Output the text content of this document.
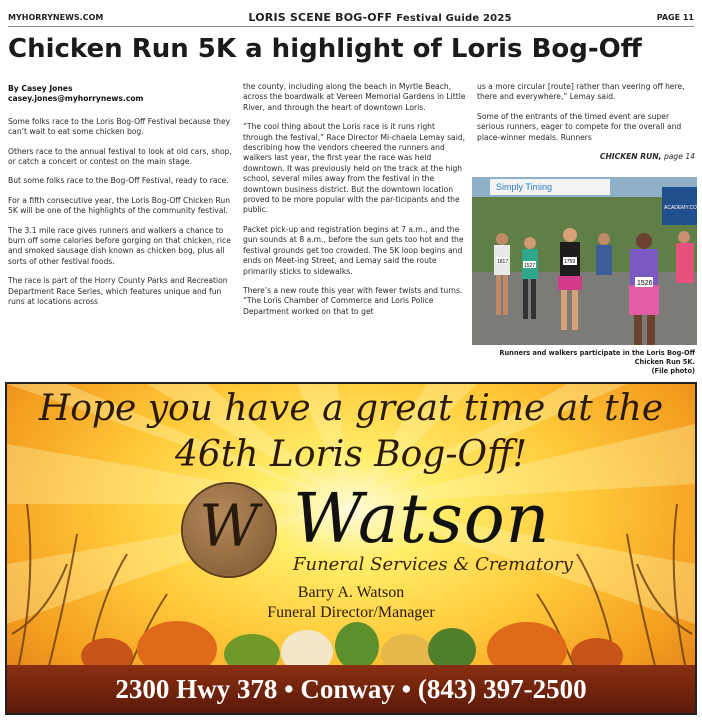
MYHORRYNEWS.COM	LORIS SCENE BOG-OFF Festival Guide 2025	PAGE 11
Chicken Run 5K a highlight of Loris Bog-Off
By Casey Jones
casey.jones@myhorrynews.com

Some folks race to the Loris Bog-Off Festival because they can’t wait to eat some chicken bog.

Others race to the annual festival to look at old cars, shop, or catch a concert or contest on the main stage.

But some folks race to the Bog-Off Festival, ready to race.

For a fifth consecutive year, the Loris Bog-Off Chicken Run 5K will be one of the highlights of the community festival.

The 3.1 mile race gives runners and walkers a chance to burn off some calories before gorging on that chicken, rice and smoked sausage dish known as chicken bog, plus all sorts of other festival foods.

The race is part of the Horry County Parks and Recreation Department Race Series, which features unique and fun runs at locations across

the county, including along the beach in Myrtle Beach, across the boardwalk at Vereen Memorial Gardens in Little River, and through the heart of downtown Loris.

“The cool thing about the Loris race is it runs right through the festival,” Race Director Mi-chaela Lemay said, describing how the vendors cheered the runners and walkers last year, the first year the race was held downtown. It was previously held on the track at the high school, several miles away from the festival in the downtown business district. But the downtown location proved to be more popular with the par-ticipants and the public.

Packet pick-up and registration begins at 7 a.m., and the gun sounds at 8 a.m., before the sun gets too hot and the festival grounds get too crowded. The 5K loop begins and ends on Meet-ing Street, and Lemay said the route primarily sticks to sidewalks.

There’s a new route this year with fewer twists and turns. “The Loris Chamber of Commerce and Loris Police Department worked on that to get

us a more circular [route] rather than veering off here, there and everywhere,” Lemay said.

Some of the entrants of the timed event are super serious runners, eager to compete for the overall and place-winner medals. Runners

CHICKEN RUN, page 14
Simply Timing
ACADEMY.COM
1817
1527
1759
1526
Runners and walkers participate in the Loris Bog-Off Chicken Run 5K.
(File photo)
Hope you have a great time at the
46th Loris Bog-Off!
W Watson
Funeral Services & Crematory
Barry A. Watson
Funeral Director/Manager
2300 Hwy 378 • Conway • (843) 397-2500
